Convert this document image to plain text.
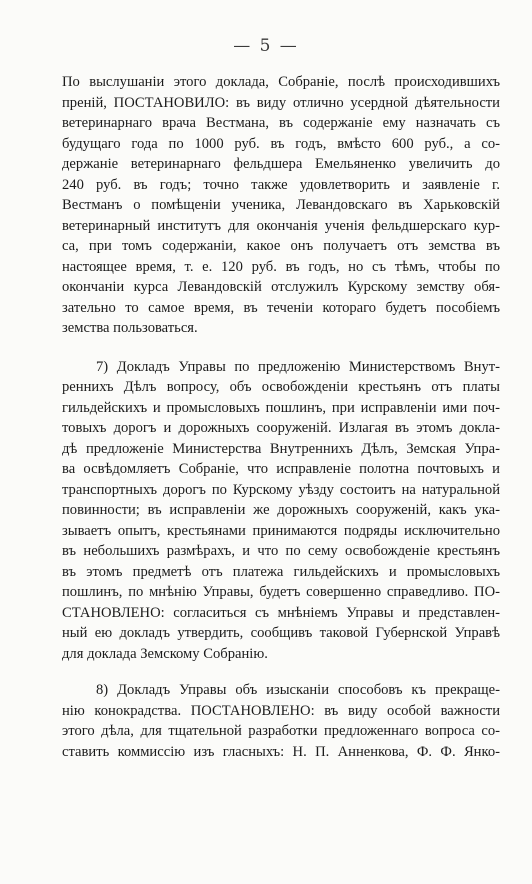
— 5 —
По выслушаніи этого доклада, Собраніе, послѣ происходившихъ
преній, ПОСТАНОВИЛО: въ виду отлично усердной дѣятельности
ветеринарнаго врача Вестмана, въ содержаніе ему назначать съ
будущаго года по 1000 руб. въ годъ, вмѣсто 600 руб., а со-
держаніе ветеринарнаго фельдшера Емельяненко увеличить до
240 руб. въ годъ; точно также удовлетворить и заявленіе г.
Вестманъ о помѣщеніи ученика, Левандовскаго въ Харьковскій
ветеринарный институтъ для окончанія ученія фельдшерскаго кур-
са, при томъ содержаніи, какое онъ получаетъ отъ земства въ
настоящее время, т. е. 120 руб. въ годъ, но съ тѣмъ, чтобы по
окончаніи курса Левандовскій отслужилъ Курскому земству обя-
зательно то самое время, въ теченіи котораго будетъ пособіемъ
земства пользоваться.
7) Докладъ Управы по предложенію Министерствомъ Внут-
реннихъ Дѣлъ вопросу, объ освобожденіи крестьянъ отъ платы
гильдейскихъ и промысловыхъ пошлинъ, при исправленіи ими поч-
товыхъ дорогъ и дорожныхъ сооруженій. Излагая въ этомъ докла-
дѣ предложеніе Министерства Внутреннихъ Дѣлъ, Земская Упра-
ва освѣдомляетъ Собраніе, что исправленіе полотна почтовыхъ и
транспортныхъ дорогъ по Курскому уѣзду состоитъ на натуральной
повинности; въ исправленіи же дорожныхъ сооруженій, какъ ука-
зываетъ опытъ, крестьянами принимаются подряды исключительно
въ небольшихъ размѣрахъ, и что по сему освобожденіе крестьянъ
въ этомъ предметѣ отъ платежа гильдейскихъ и промысловыхъ
пошлинъ, по мнѣнію Управы, будетъ совершенно справедливо. ПО-
СТАНОВЛЕНО: согласиться съ мнѣніемъ Управы и представлен-
ный ею докладъ утвердить, сообщивъ таковой Губернской Управѣ
для доклада Земскому Собранію.
8) Докладъ Управы объ изысканіи способовъ къ прекраще-
нію конокрадства. ПОСТАНОВЛЕНО: въ виду особой важности
этого дѣла, для тщательной разработки предложеннаго вопроса со-
ставить коммиссію изъ гласныхъ: Н. П. Анненкова, Ф. Ф. Янко-
